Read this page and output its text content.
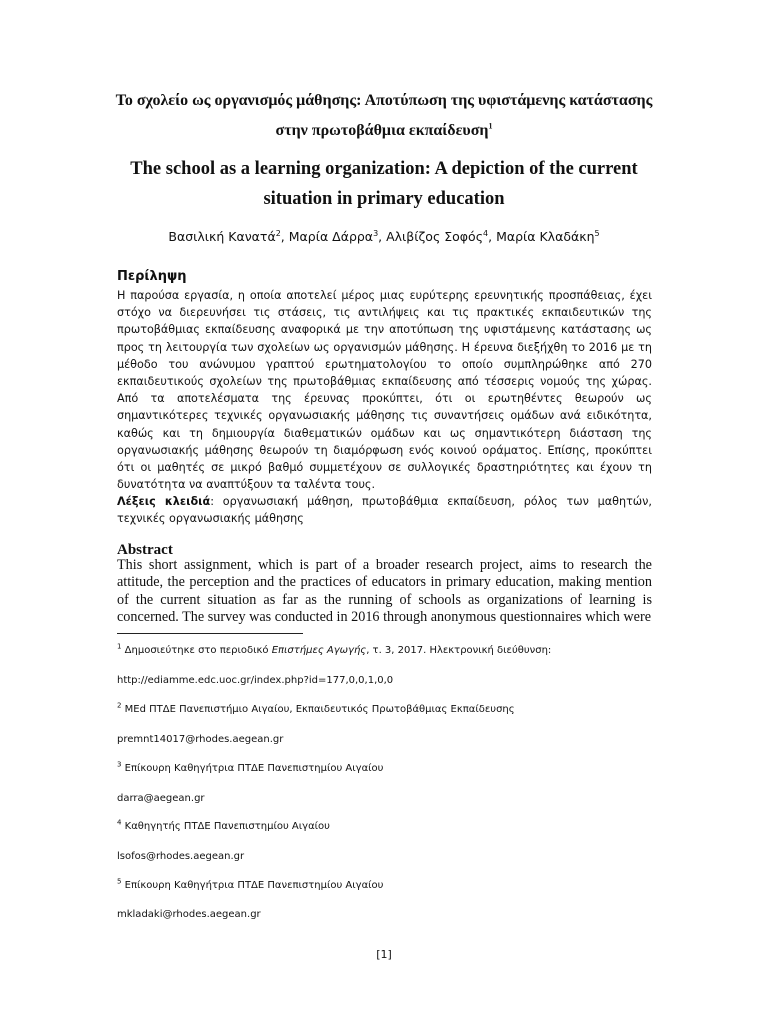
Το σχολείο ως οργανισμός μάθησης: Αποτύπωση της υφιστάμενης κατάστασης στην πρωτοβάθμια εκπαίδευση$^1$
The school as a learning organization: A depiction of the current situation in primary education
Βασιλική Κανατά$^2$, Μαρία Δάρρα$^3$, Αλιβίζος Σοφός$^4$, Μαρία Κλαδάκη$^5$
Περίληψη
Η παρούσα εργασία, η οποία αποτελεί μέρος μιας ευρύτερης ερευνητικής προσπάθειας, έχει στόχο να διερευνήσει τις στάσεις, τις αντιλήψεις και τις πρακτικές εκπαιδευτικών της πρωτοβάθμιας εκπαίδευσης αναφορικά με την αποτύπωση της υφιστάμενης κατάστασης ως προς τη λειτουργία των σχολείων ως οργανισμών μάθησης. Η έρευνα διεξήχθη το 2016 με τη μέθοδο του ανώνυμου γραπτού ερωτηματολογίου το οποίο συμπληρώθηκε από 270 εκπαιδευτικούς σχολείων της πρωτοβάθμιας εκπαίδευσης από τέσσερις νομούς της χώρας. Από τα αποτελέσματα της έρευνας προκύπτει, ότι οι ερωτηθέντες θεωρούν ως σημαντικότερες τεχνικές οργανωσιακής μάθησης τις συναντήσεις ομάδων ανά ειδικότητα, καθώς και τη δημιουργία διαθεματικών ομάδων και ως σημαντικότερη διάσταση της οργανωσιακής μάθησης θεωρούν τη διαμόρφωση ενός κοινού οράματος. Επίσης, προκύπτει ότι οι μαθητές σε μικρό βαθμό συμμετέχουν σε συλλογικές δραστηριότητες και έχουν τη δυνατότητα να αναπτύξουν τα ταλέντα τους.
Λέξεις κλειδιά: οργανωσιακή μάθηση, πρωτοβάθμια εκπαίδευση, ρόλος των μαθητών, τεχνικές οργανωσιακής μάθησης
Abstract
This short assignment, which is part of a broader research project, aims to research the attitude, the perception and the practices of educators in primary education, making mention of the current situation as far as the running of schools as organizations of learning is concerned. The survey was conducted in 2016 through anonymous questionnaires which were
$^1$ Δημοσιεύτηκε στο περιοδικό Επιστήμες Αγωγής, τ. 3, 2017. Ηλεκτρονική διεύθυνση:
http://ediamme.edc.uoc.gr/index.php?id=177,0,0,1,0,0
$^2$ MEd ΠΤΔΕ Πανεπιστήμιο Αιγαίου, Εκπαιδευτικός Πρωτοβάθμιας Εκπαίδευσης
premnt14017@rhodes.aegean.gr
$^3$ Επίκουρη Καθηγήτρια ΠΤΔΕ Πανεπιστημίου Αιγαίου
darra@aegean.gr
$^4$ Καθηγητής ΠΤΔΕ Πανεπιστημίου Αιγαίου
lsofos@rhodes.aegean.gr
$^5$ Επίκουρη Καθηγήτρια ΠΤΔΕ Πανεπιστημίου Αιγαίου
mkladaki@rhodes.aegean.gr
[1]
